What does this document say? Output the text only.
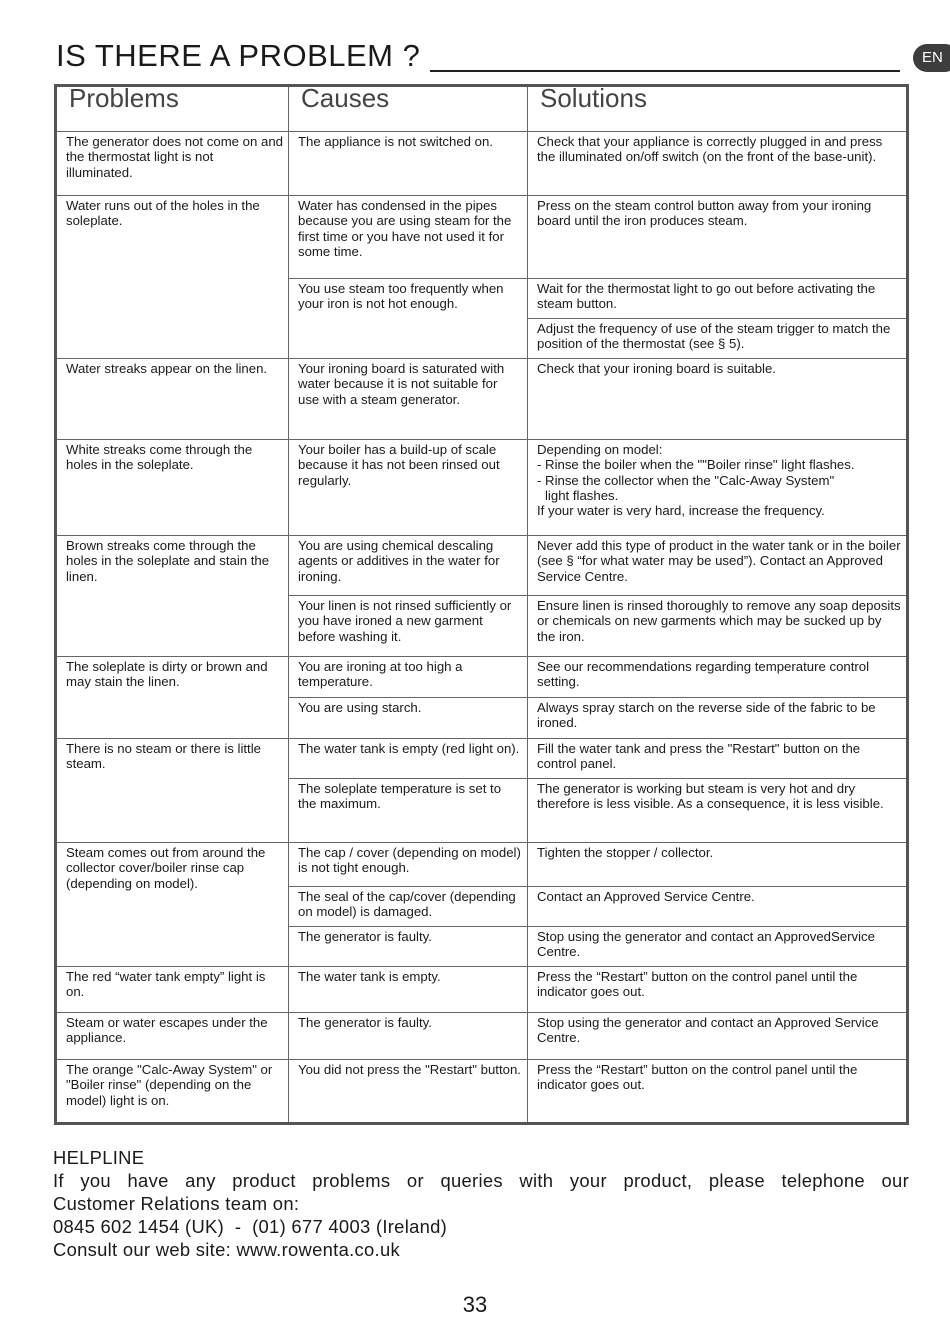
IS THERE A PROBLEM ?	EN
Problems	Causes	Solutions
The generator does not come on and the thermostat light is not illuminated.	The appliance is not switched on.	Check that your appliance is correctly plugged in and press the illuminated on/off switch (on the front of the base-unit).
Water runs out of the holes in the soleplate.	Water has condensed in the pipes because you are using steam for the first time or you have not used it for some time.	Press on the steam control button away from your ironing board until the iron produces steam.
	You use steam too frequently when your iron is not hot enough.	Wait for the thermostat light to go out before activating the steam button.
		Adjust the frequency of use of the steam trigger to match the position of the thermostat (see § 5).
Water streaks appear on the linen.	Your ironing board is saturated with water because it is not suitable for use with a steam generator.	Check that your ironing board is suitable.
White streaks come through the holes in the soleplate.	Your boiler has a build-up of scale because it has not been rinsed out regularly.	Depending on model:
- Rinse the boiler when the ""Boiler rinse" light flashes.
- Rinse the collector when the "Calc-Away System"
light flashes.
If your water is very hard, increase the frequency.

Brown streaks come through the holes in the soleplate and stain the linen.	You are using chemical descaling agents or additives in the water for ironing.	Never add this type of product in the water tank or in the boiler (see § “for what water may be used”). Contact an Approved Service Centre.
	Your linen is not rinsed sufficiently or you have ironed a new garment before washing it.	Ensure linen is rinsed thoroughly to remove any soap deposits or chemicals on new garments which may be sucked up by the iron.
The soleplate is dirty or brown and may stain the linen.	You are ironing at too high a temperature.	See our recommendations regarding temperature control setting.
	You are using starch.	Always spray starch on the reverse side of the fabric to be ironed.
There is no steam or there is little steam.	The water tank is empty (red light on).	Fill the water tank and press the "Restart" button on the control panel.
	The soleplate temperature is set to the maximum.	The generator is working but steam is very hot and dry therefore is less visible. As a consequence, it is less visible.
Steam comes out from around the collector cover/boiler rinse cap (depending on model).	The cap / cover (depending on model) is not tight enough.	Tighten the stopper / collector.
	The seal of the cap/cover (depending on model) is damaged.	Contact an Approved Service Centre.
	The generator is faulty.	Stop using the generator and contact an ApprovedService Centre.
The red “water tank empty” light is on.	The water tank is empty.	Press the “Restart” button on the control panel until the indicator goes out.
Steam or water escapes under the appliance.	The generator is faulty.	Stop using the generator and contact an Approved Service Centre.
The orange "Calc-Away System" or "Boiler rinse" (depending on the model) light is on.	You did not press the "Restart" button.	Press the “Restart” button on the control panel until the indicator goes out.

HELPLINE

If you have any product problems or queries with your product, please telephone our

Customer Relations team on:

0845 602 1454 (UK)  -  (01) 677 4003 (Ireland)

Consult our web site: www.rowenta.co.uk

33
